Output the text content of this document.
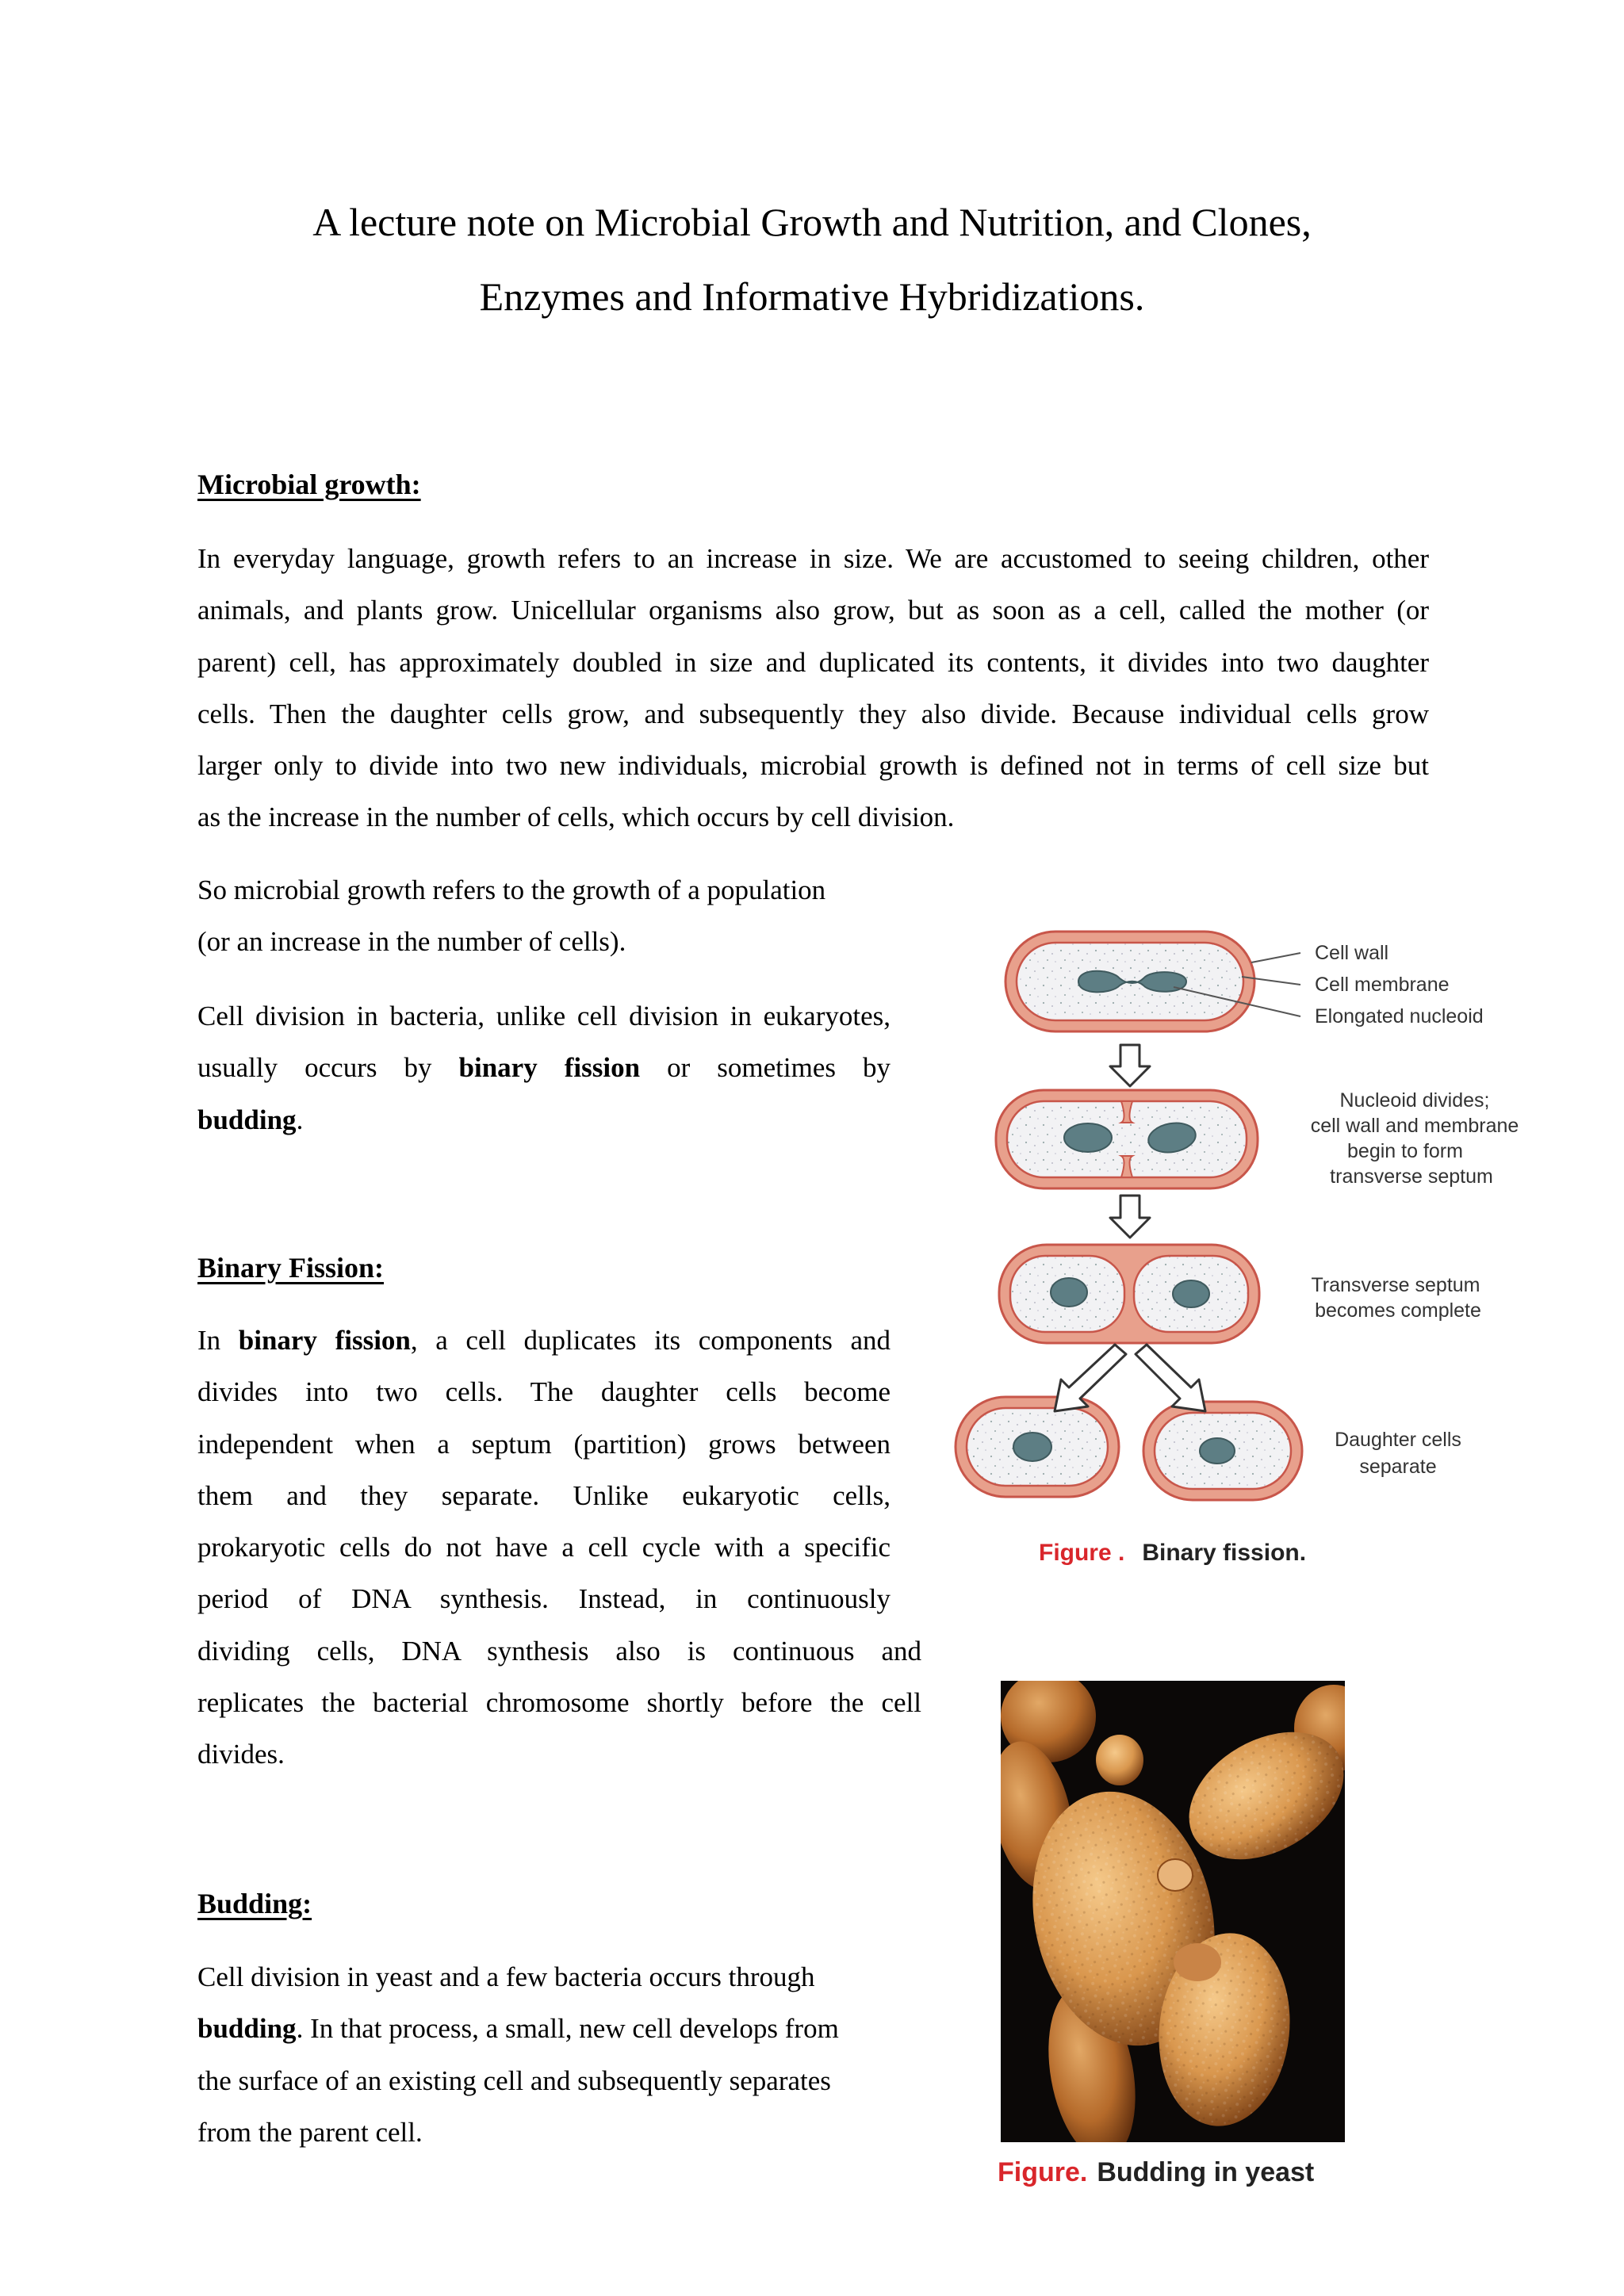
A lecture note on Microbial Growth and Nutrition, and Clones,
Enzymes and Informative Hybridizations.
Microbial growth:
In everyday language, growth refers to an increase in size. We are accustomed to seeing children, other
animals, and plants grow. Unicellular organisms also grow, but as soon as a cell, called the mother (or
parent) cell, has approximately doubled in size and duplicated its contents, it divides into two daughter
cells. Then the daughter cells grow, and subsequently they also divide. Because individual cells grow
larger only to divide into two new individuals, microbial growth is defined not in terms of cell size but
as the increase in the number of cells, which occurs by cell division.
So microbial growth refers to the growth of a population
(or an increase in the number of cells).
Cell division in bacteria, unlike cell division in eukaryotes,
usually occurs by binary fission or sometimes by
budding.
Binary Fission:
In binary fission, a cell duplicates its components and
divides into two cells. The daughter cells become
independent when a septum (partition) grows between
them and they separate. Unlike eukaryotic cells,
prokaryotic cells do not have a cell cycle with a specific
period of DNA synthesis. Instead, in continuously
dividing cells, DNA synthesis also is continuous and
replicates the bacterial chromosome shortly before the cell
divides.
Budding:
Cell division in yeast and a few bacteria occurs through
budding. In that process, a small, new cell develops from
the surface of an existing cell and subsequently separates
from the parent cell.
Cell wall
Cell membrane
Elongated nucleoid
Nucleoid divides;
cell wall and membrane
begin to form
transverse septum
Transverse septum
becomes complete
Daughter cells
separate
Figure . Binary fission.
Figure. Budding in yeast
